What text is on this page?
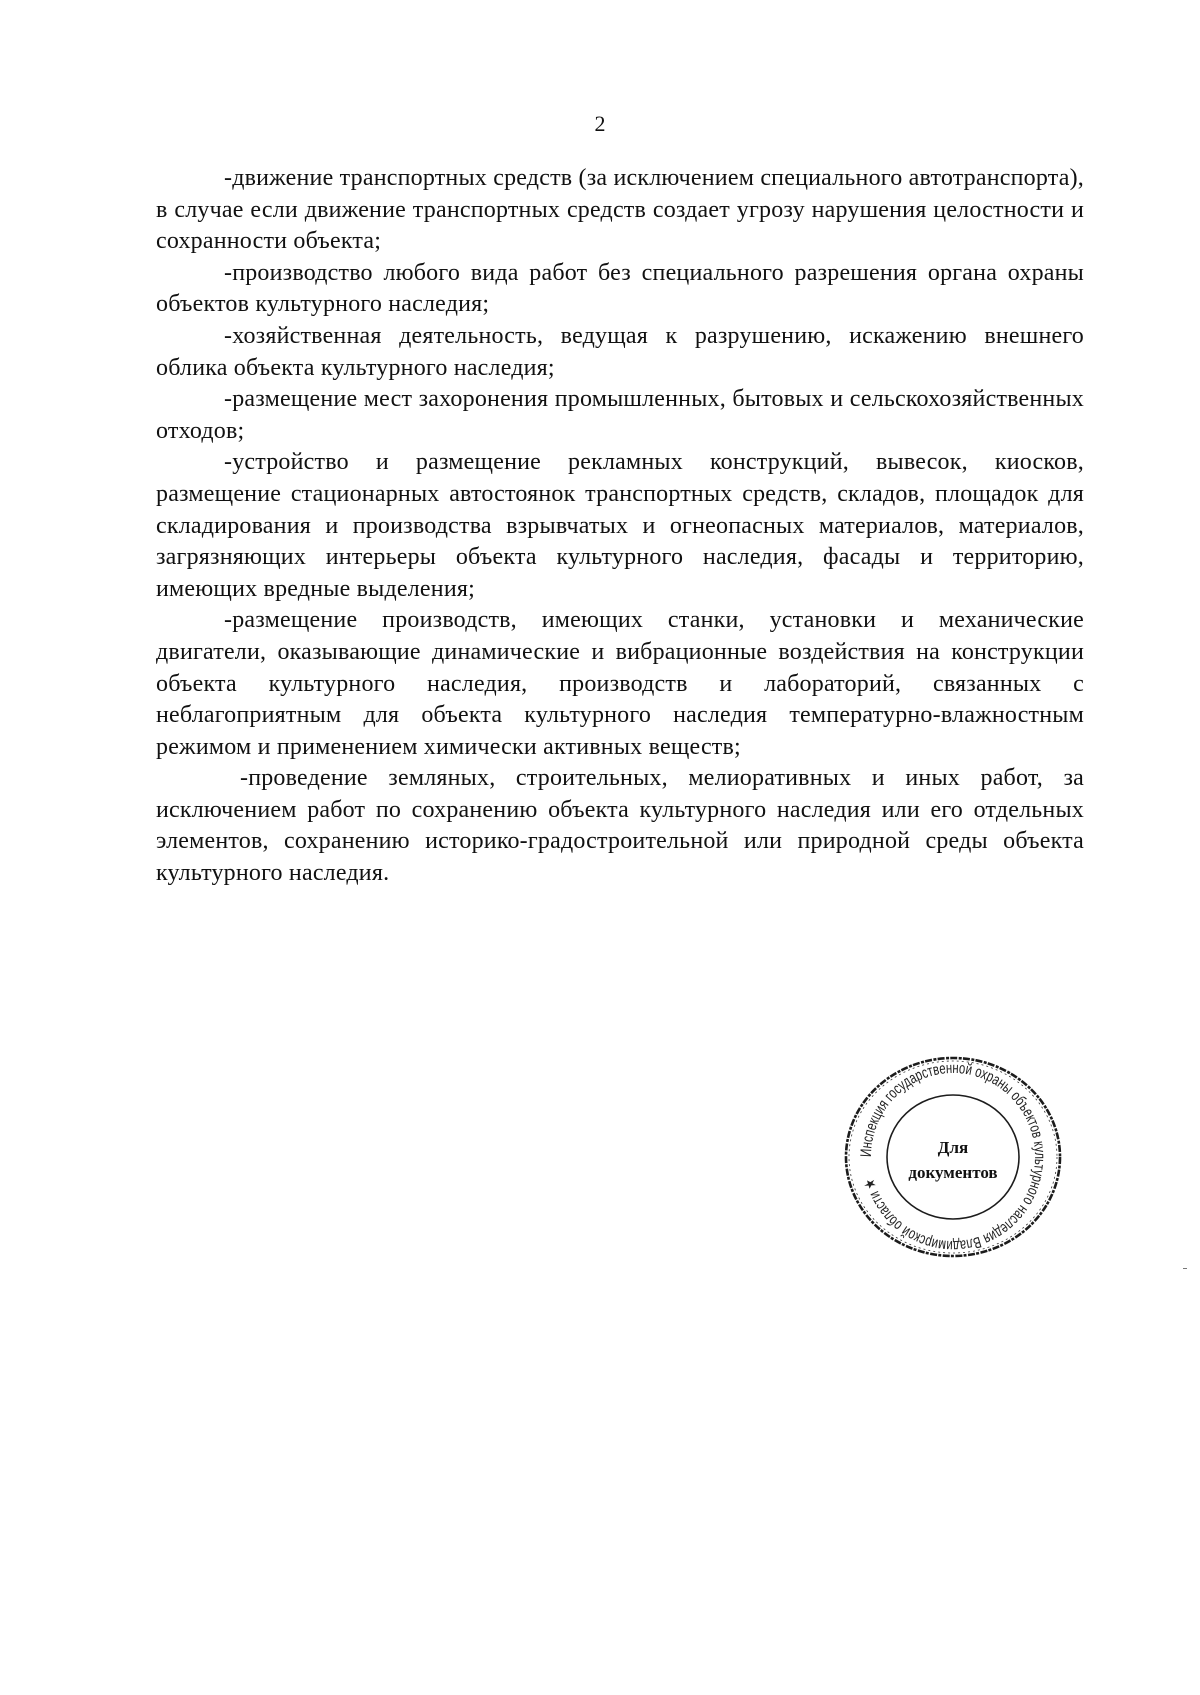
2

-движение транспортных средств (за исключением специального автотранспорта), в случае если движение транспортных средств создает угрозу нарушения целостности и сохранности объекта;

-производство любого вида работ без специального разрешения органа охраны объектов культурного наследия;

-хозяйственная деятельность, ведущая к разрушению, искажению внешнего облика объекта культурного наследия;

-размещение мест захоронения промышленных, бытовых и сельскохозяйственных отходов;

-устройство и размещение рекламных конструкций, вывесок, киосков, размещение стационарных автостоянок транспортных средств, складов, площадок для складирования и производства взрывчатых и огнеопасных материалов, материалов, загрязняющих интерьеры объекта культурного наследия, фасады и территорию, имеющих вредные выделения;

-размещение производств, имеющих станки, установки и механические двигатели, оказывающие динамические и вибрационные воздействия на конструкции объекта культурного наследия, производств и лабораторий, связанных с неблагоприятным для объекта культурного наследия температурно-влажностным режимом и применением химически активных веществ;

-проведение земляных, строительных, мелиоративных и иных работ, за исключением работ по сохранению объекта культурного наследия или его отдельных элементов, сохранению историко-градостроительной или природной среды объекта культурного наследия.

Инспекция государственной охраны объектов культурного наследия Владимирской области ★
Для
документов
